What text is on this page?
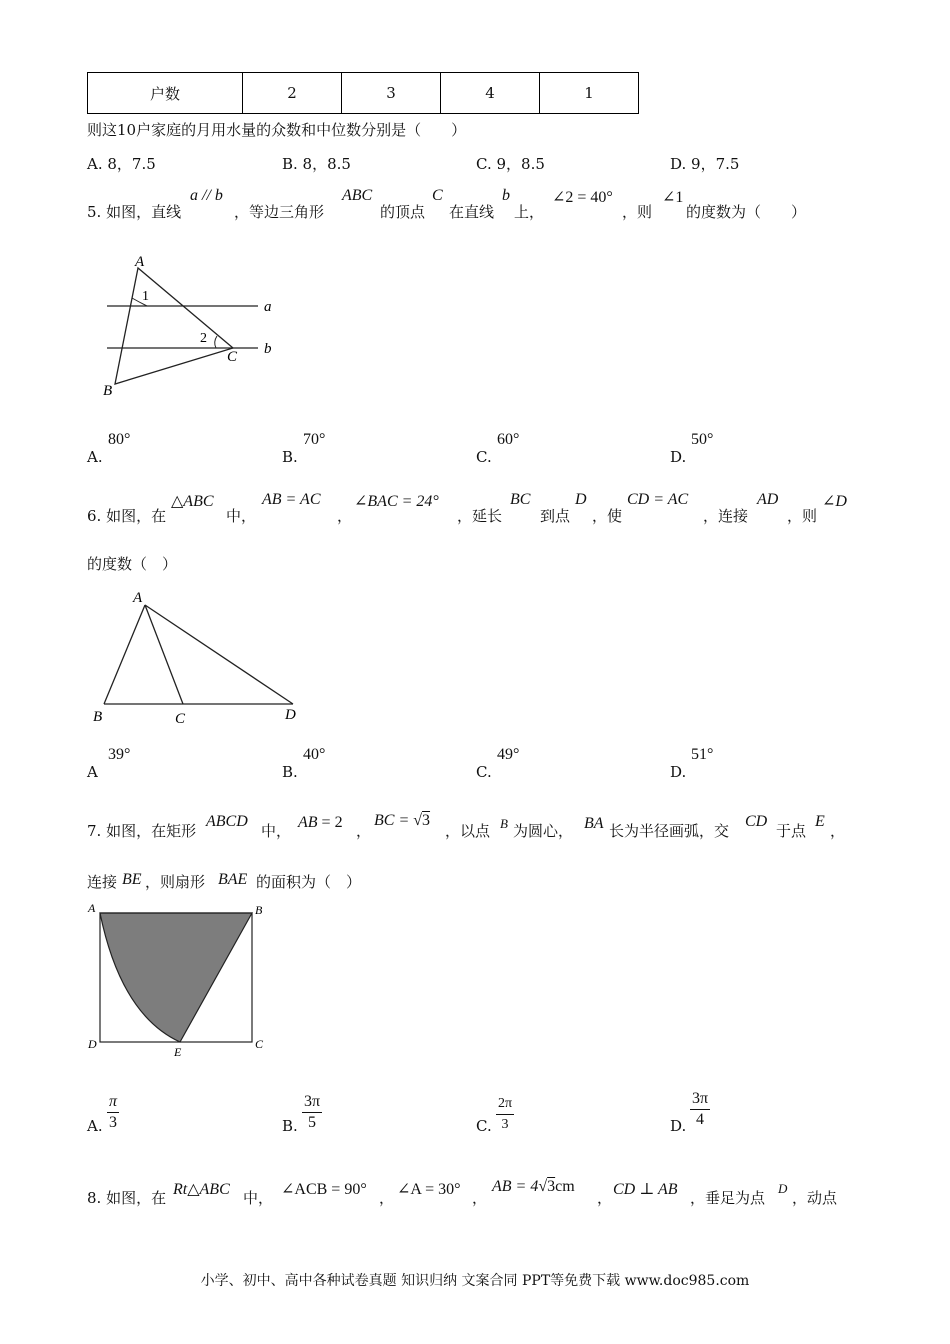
户数	2	3	4	1
则这10户家庭的月用水量的众数和中位数分别是（　　）
A. 8，7.5	B. 8，8.5	C. 9，8.5	D. 9，7.5
5. 如图，直线
a // b
，等边三角形
ABC
的顶点
C
在直线
b
上，
∠2 = 40°
，则
∠1
的度数为（　　）
A
B
C
1
2
a
b
A.
80°
B.
70°
C.
60°
D.
50°
6. 如图，在
△ABC
中，
AB = AC
，
∠BAC = 24°
，延长
BC
到点
D
，使
CD = AC
，连接
AD
，则
∠D
的度数（　）
A
B	C	D
A
39°
B.
40°
C.
49°
D.
51°
7. 如图，在矩形
ABCD
中， AB = 2 ，
BC = √3
，以点 B 为圆心， BA 长为半径画弧，交
CD
于点
E
，
连接 BE ，则扇形 BAE 的面积为（　）
A	B
D	C
E
A.
π
3	B.
3π
5	C.
2π
3	D.
3π
4
8. 如图，在 Rt△ABC 中， ∠ACB = 90° ， ∠A = 30° ，
AB = 4√3cm
， CD ⊥ AB ，垂足为点
D
，动点
小学、初中、高中各种试卷真题 知识归纳 文案合同 PPT等免费下载 www.doc985.com
